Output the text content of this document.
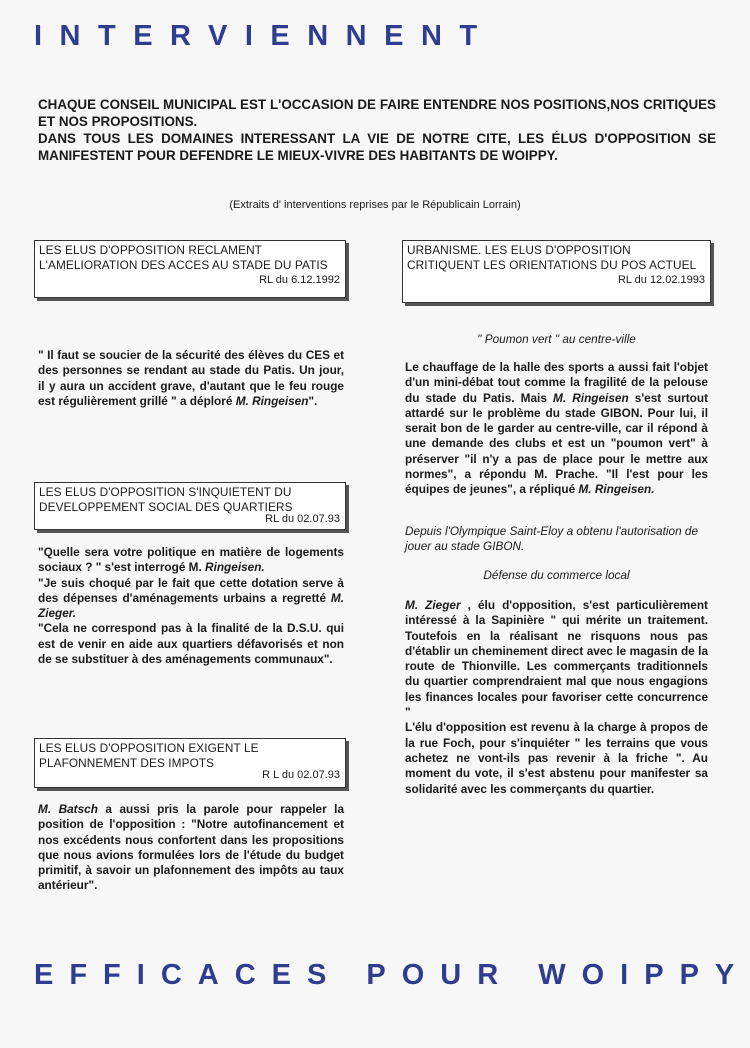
INTERVIENNENT
CHAQUE CONSEIL MUNICIPAL EST L'OCCASION DE FAIRE ENTENDRE NOS POSITIONS,NOS CRITIQUES ET NOS PROPOSITIONS.
DANS TOUS LES DOMAINES INTERESSANT LA VIE DE NOTRE CITE, LES ÉLUS D'OPPOSITION SE MANIFESTENT POUR DEFENDRE LE MIEUX-VIVRE DES HABITANTS DE WOIPPY.
(Extraits d' interventions reprises par le Républicain Lorrain)
LES ELUS D'OPPOSITION RECLAMENT L'AMELIORATION DES ACCES AU STADE DU PATIS
RL du 6.12.1992

" Il faut se soucier de la sécurité des élèves du CES et des personnes se rendant au stade du Patis. Un jour, il y aura un accident grave, d'autant que le feu rouge est régulièrement grillé " a déploré M. Ringeisen".

LES ELUS D'OPPOSITION S'INQUIETENT DU DEVELOPPEMENT SOCIAL DES QUARTIERS
RL du 02.07.93

"Quelle sera votre politique en matière de logements sociaux ? " s'est interrogé M. Ringeisen.

"Je suis choqué par le fait que cette dotation serve à des dépenses d'aménagements urbains a regretté M. Zieger.

"Cela ne correspond pas à la finalité de la D.S.U. qui est de venir en aide aux quartiers défavorisés et non de se substituer à des aménagements communaux".

LES ELUS D'OPPOSITION EXIGENT LE PLAFONNEMENT DES IMPOTS
R L du 02.07.93

M. Batsch a aussi pris la parole pour rappeler la position de l'opposition : "Notre autofinancement et nos excédents nous confortent dans les propositions que nous avions formulées lors de l'étude du budget primitif, à savoir un plafonnement des impôts au taux antérieur".

URBANISME. LES ELUS D'OPPOSITION CRITIQUENT LES ORIENTATIONS DU POS ACTUEL
RL du 12.02.1993
" Poumon vert " au centre-ville

Le chauffage de la halle des sports a aussi fait l'objet d'un mini-débat tout comme la fragilité de la pelouse du stade du Patis. Mais M. Ringeisen s'est surtout attardé sur le problème du stade GIBON. Pour lui, il serait bon de le garder au centre-ville, car il répond à une demande des clubs et est un "poumon vert" à préserver "il n'y a pas de place pour le mettre aux normes", a répondu M. Prache. "Il l'est pour les équipes de jeunes", a répliqué M. Ringeisen.

Depuis l'Olympique Saint-Eloy a obtenu l'autorisation de jouer au stade GIBON.
Défense du commerce local

M. Zieger , élu d'opposition, s'est particulièrement intéressé à la Sapinière " qui mérite un traitement. Toutefois en la réalisant ne risquons nous pas d'établir un cheminement direct avec le magasin de la route de Thionville. Les commerçants traditionnels du quartier comprendraient mal que nous engagions les finances locales pour favoriser cette concurrence "

L'élu d'opposition est revenu à la charge à propos de la rue Foch, pour s'inquiéter " les terrains que vous achetez ne vont-ils pas revenir à la friche ". Au moment du vote, il s'est abstenu pour manifester sa solidarité avec les commerçants du quartier.

EFFICACES POUR WOIPPY
